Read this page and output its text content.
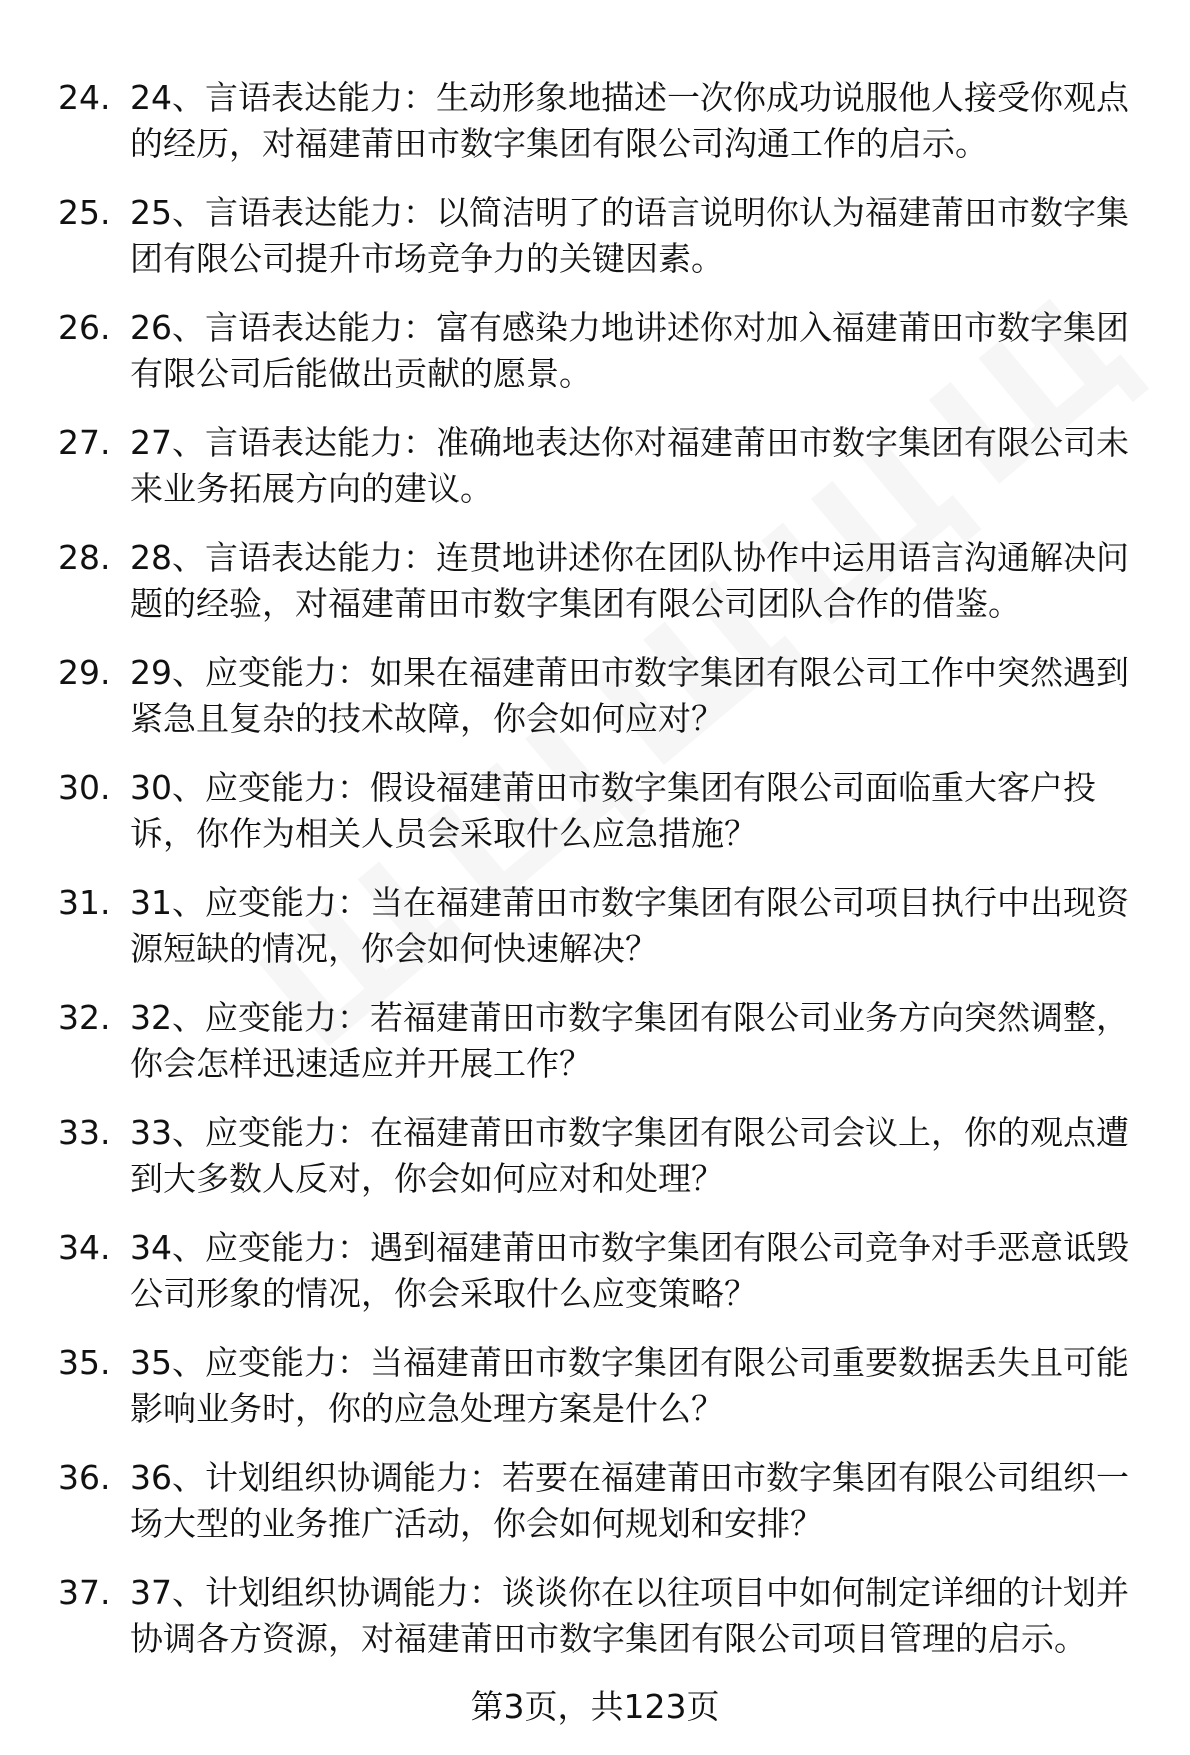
24. 24、言语表达能力：生动形象地描述一次你成功说服他人接受你观点的经历，对福建莆田市数字集团有限公司沟通工作的启示。
25. 25、言语表达能力：以简洁明了的语言说明你认为福建莆田市数字集团有限公司提升市场竞争力的关键因素。
26. 26、言语表达能力：富有感染力地讲述你对加入福建莆田市数字集团有限公司后能做出贡献的愿景。
27. 27、言语表达能力：准确地表达你对福建莆田市数字集团有限公司未来业务拓展方向的建议。
28. 28、言语表达能力：连贯地讲述你在团队协作中运用语言沟通解决问题的经验，对福建莆田市数字集团有限公司团队合作的借鉴。
29. 29、应变能力：如果在福建莆田市数字集团有限公司工作中突然遇到紧急且复杂的技术故障，你会如何应对？
30. 30、应变能力：假设福建莆田市数字集团有限公司面临重大客户投诉，你作为相关人员会采取什么应急措施？
31. 31、应变能力：当在福建莆田市数字集团有限公司项目执行中出现资源短缺的情况，你会如何快速解决？
32. 32、应变能力：若福建莆田市数字集团有限公司业务方向突然调整，你会怎样迅速适应并开展工作？
33. 33、应变能力：在福建莆田市数字集团有限公司会议上，你的观点遭到大多数人反对，你会如何应对和处理？
34. 34、应变能力：遇到福建莆田市数字集团有限公司竞争对手恶意诋毁公司形象的情况，你会采取什么应变策略？
35. 35、应变能力：当福建莆田市数字集团有限公司重要数据丢失且可能影响业务时，你的应急处理方案是什么？
36. 36、计划组织协调能力：若要在福建莆田市数字集团有限公司组织一场大型的业务推广活动，你会如何规划和安排？
37. 37、计划组织协调能力：谈谈你在以往项目中如何制定详细的计划并协调各方资源，对福建莆田市数字集团有限公司项目管理的启示。
第3页，共123页
